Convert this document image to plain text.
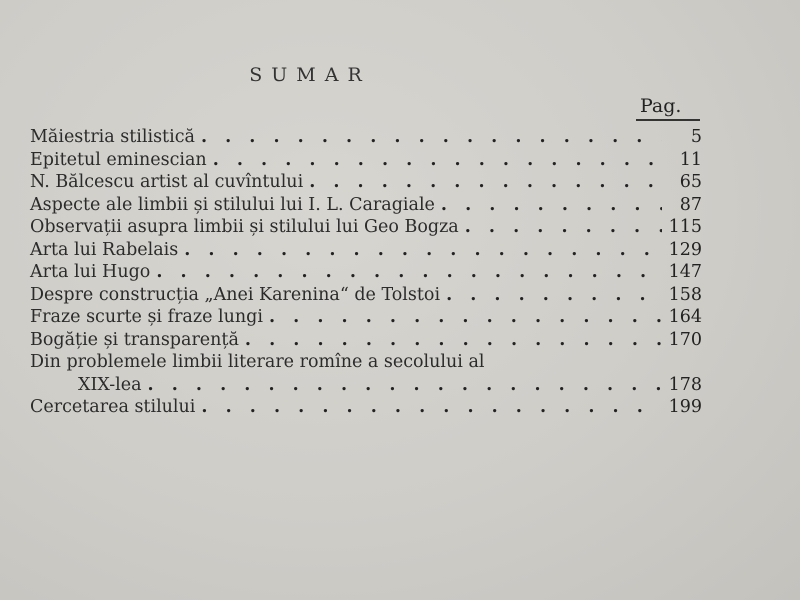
SUMAR
Pag.
Măiestria stilistică . . .	5
Epitetul eminescian . . .	11
N. Bălcescu artist al cuvîntului . . .	65
Aspecte ale limbii și stilului lui I. L. Caragiale . . .	87
Observații asupra limbii și stilului lui Geo Bogza . . .	115
Arta lui Rabelais . . .	129
Arta lui Hugo . . .	147
Despre construcția „Anei Karenina“ de Tolstoi . . .	158
Fraze scurte și fraze lungi . . .	164
Bogăție și transparență . . .	170
Din problemele limbii literare romîne a secolului al
XIX-lea . . .	178
Cercetarea stilului . . .	199
